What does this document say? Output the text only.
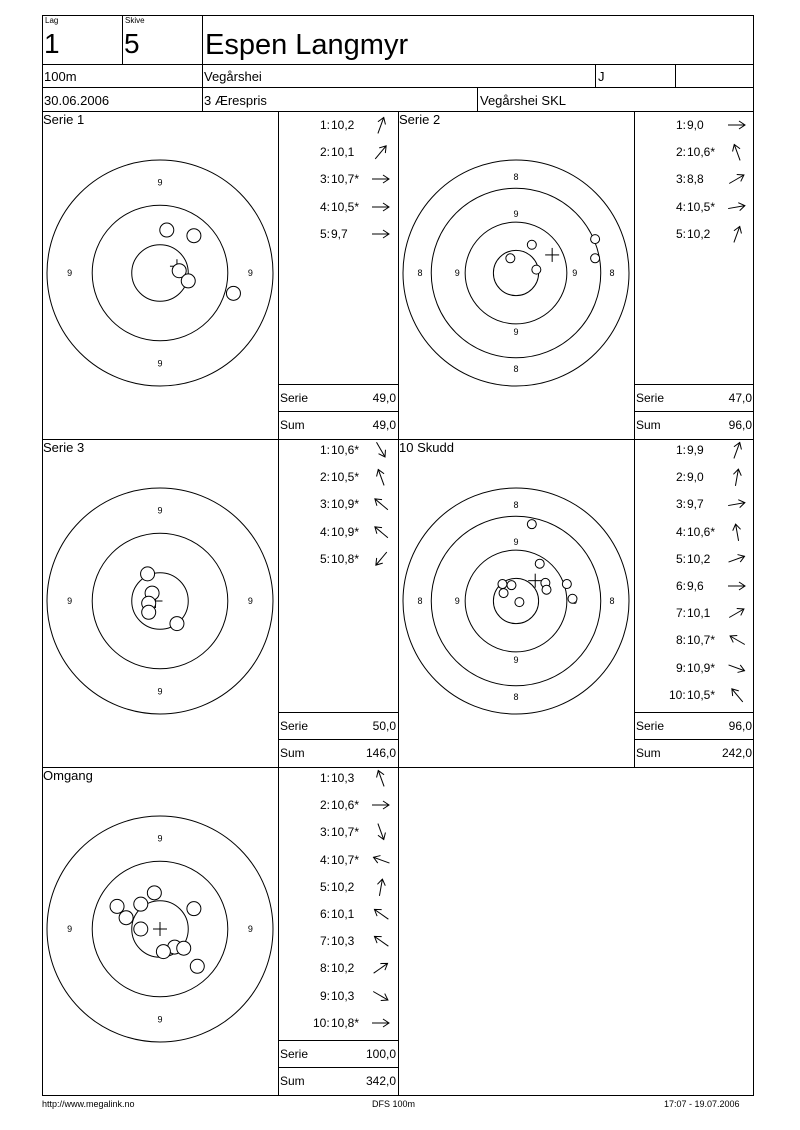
Lag
1
Skive
5 Espen Langmyr
100m	Vegårshei	J
30.06.2006	3 Ærespris	Vegårshei SKL
Serie 1
9
9
9	9
1: 10,2
2: 10,1
3: 10,7*
4: 10,5*
5: 9,7
Serie	49,0
Sum	49,0
Serie 2
8
8
8	8
9
9
9	9
1: 9,0
2: 10,6*
3: 8,8
4: 10,5*
5: 10,2
Serie	47,0
Sum	96,0
Serie 3
9
9
9	9
1: 10,6*
2: 10,5*
3: 10,9*
4: 10,9*
5: 10,8*
Serie	50,0
Sum	146,0
10 Skudd
8
8
8	8
9
9
9
1: 9,9
2: 9,0
3: 9,7
4: 10,6*
5: 10,2
6: 9,6
7: 10,1
8: 10,7*
9: 10,9*
10: 10,5*
Serie	96,0
Sum	242,0
Omgang
9
9
9	9
1: 10,3
2: 10,6*
3: 10,7*
4: 10,7*
5: 10,2
6: 10,1
7: 10,3
8: 10,2
9: 10,3
10: 10,8*
Serie	100,0
Sum	342,0
http://www.megalink.no	DFS 100m	17:07 - 19.07.2006
